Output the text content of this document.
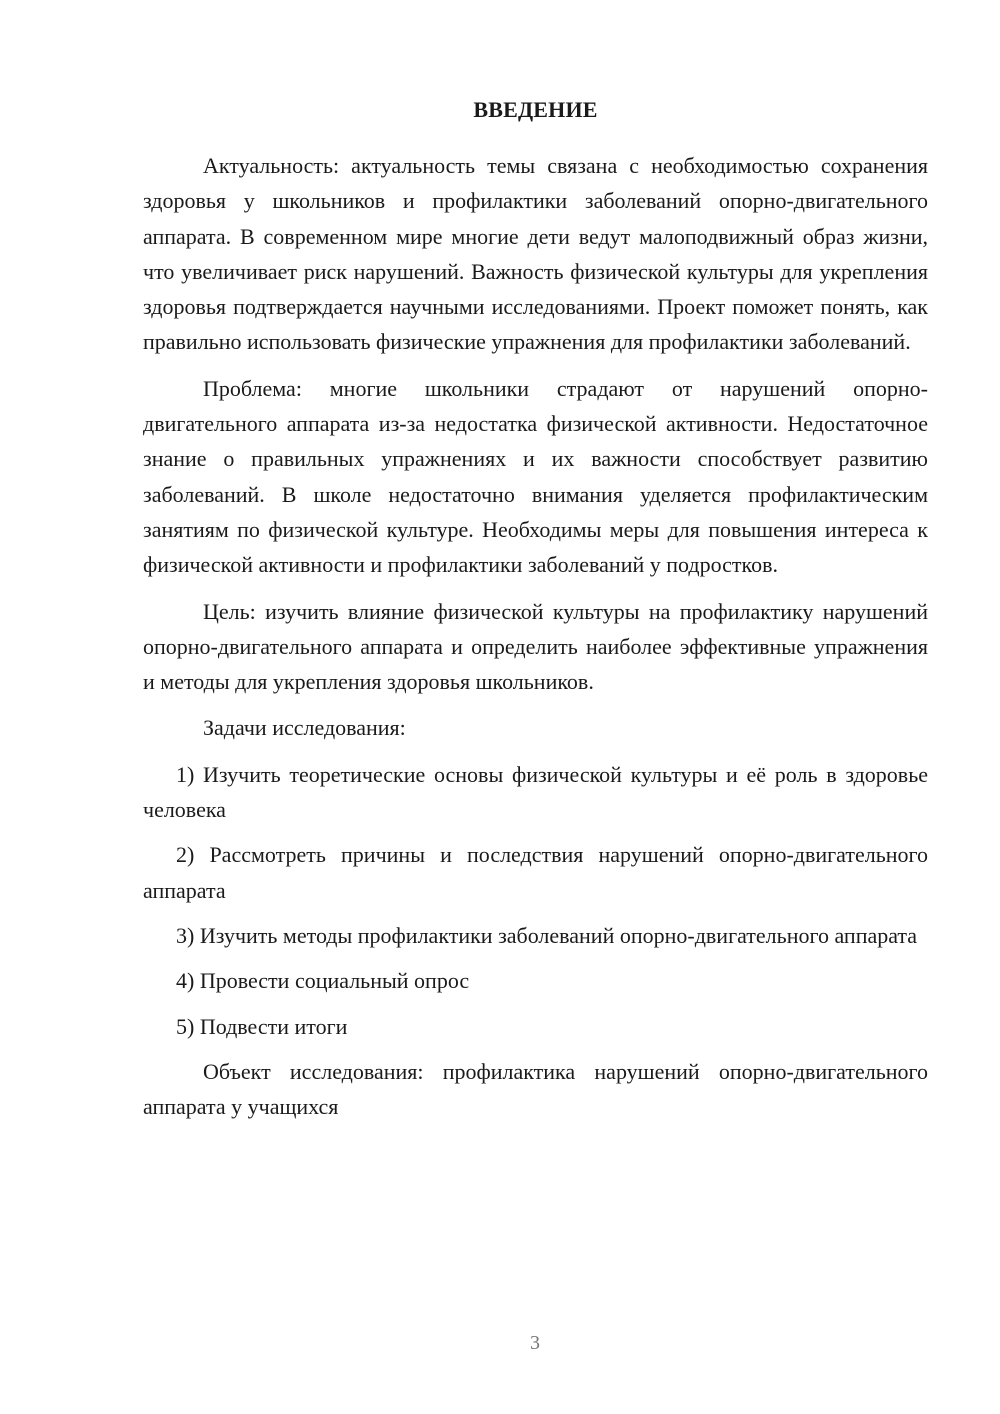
ВВЕДЕНИЕ

Актуальность: актуальность темы связана с необходимостью сохранения здоровья у школьников и профилактики заболеваний опорно-двигательного аппарата. В современном мире многие дети ведут малоподвижный образ жизни, что увеличивает риск нарушений. Важность физической культуры для укрепления здоровья подтверждается научными исследованиями. Проект поможет понять, как правильно использовать физические упражнения для профилактики заболеваний.

Проблема: многие школьники страдают от нарушений опорно-двигательного аппарата из-за недостатка физической активности. Недостаточное знание о правильных упражнениях и их важности способствует развитию заболеваний. В школе недостаточно внимания уделяется профилактическим занятиям по физической культуре. Необходимы меры для повышения интереса к физической активности и профилактики заболеваний у подростков.

Цель: изучить влияние физической культуры на профилактику нарушений опорно-двигательного аппарата и определить наиболее эффективные упражнения и методы для укрепления здоровья школьников.

Задачи исследования:

1) Изучить теоретические основы физической культуры и её роль в здоровье человека

2) Рассмотреть причины и последствия нарушений опорно-двигательного аппарата

3) Изучить методы профилактики заболеваний опорно-двигательного аппарата

4) Провести социальный опрос

5) Подвести итоги

Объект исследования: профилактика нарушений опорно-двигательного аппарата у учащихся

3
